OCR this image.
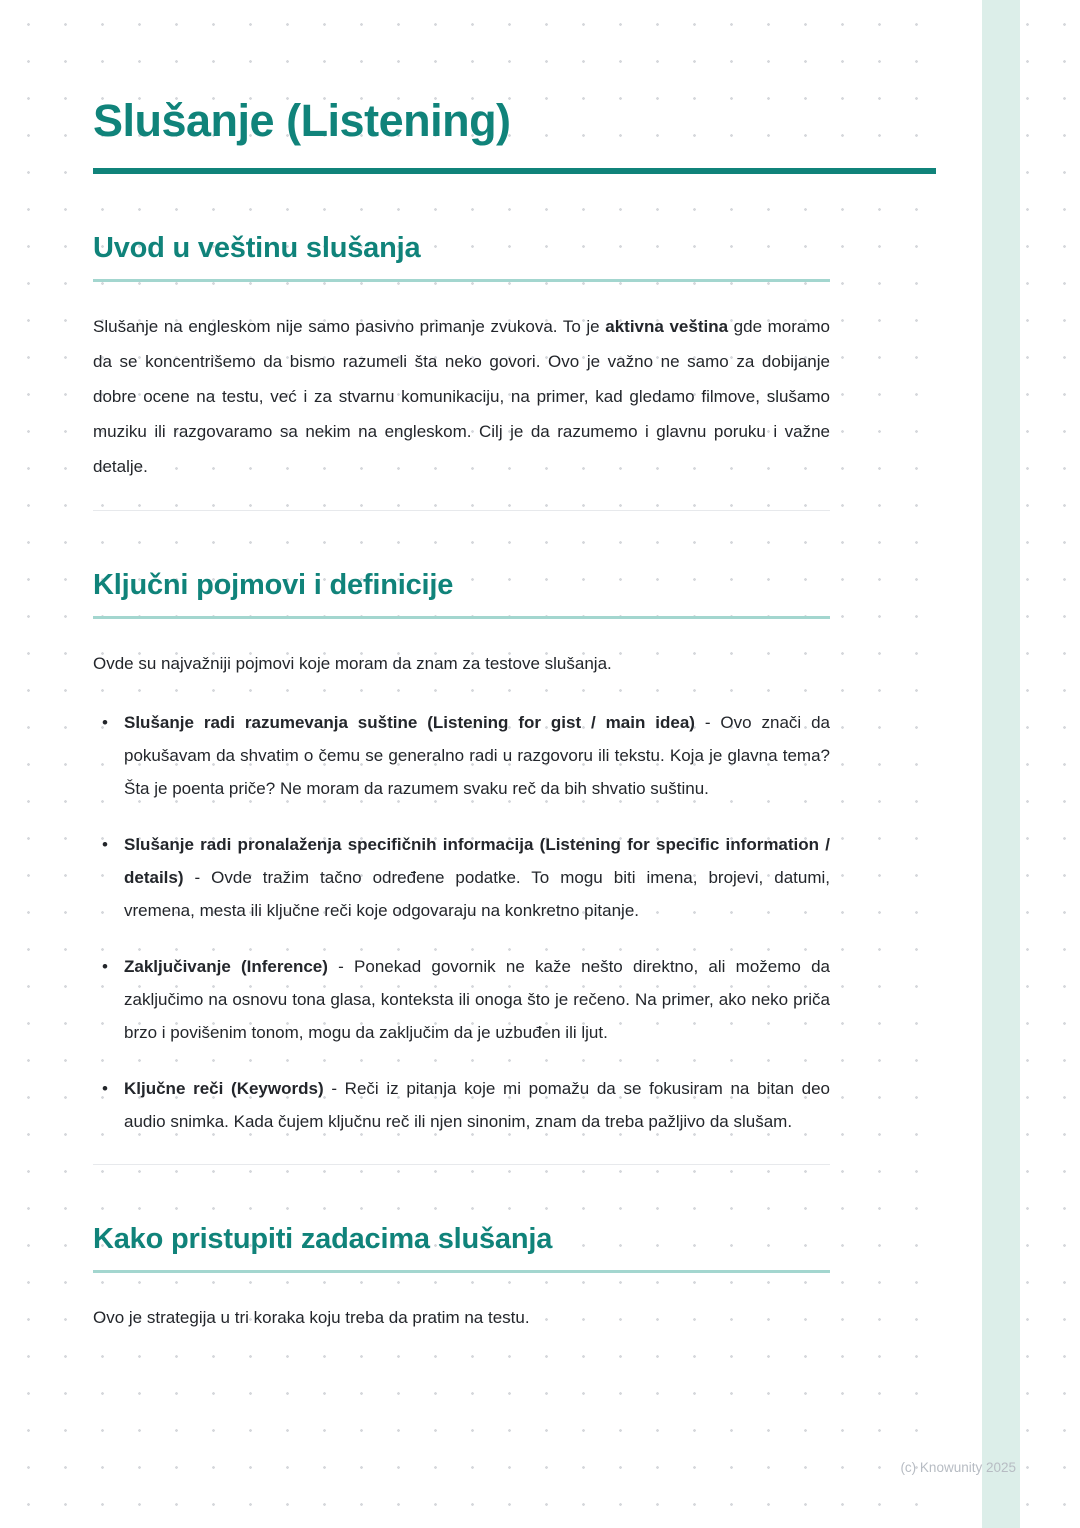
Slušanje (Listening)
Uvod u veštinu slušanja

Slušanje na engleskom nije samo pasivno primanje zvukova. To je aktivna veština gde moramo da se koncentrišemo da bismo razumeli šta neko govori. Ovo je važno ne samo za dobijanje dobre ocene na testu, već i za stvarnu komunikaciju, na primer, kad gledamo filmove, slušamo muziku ili razgovaramo sa nekim na engleskom. Cilj je da razumemo i glavnu poruku i važne detalje.

Ključni pojmovi i definicije

Ovde su najvažniji pojmovi koje moram da znam za testove slušanja.

• Slušanje radi razumevanja suštine (Listening for gist / main idea) - Ovo znači da pokušavam da shvatim o čemu se generalno radi u razgovoru ili tekstu. Koja je glavna tema? Šta je poenta priče? Ne moram da razumem svaku reč da bih shvatio suštinu.
• Slušanje radi pronalaženja specifičnih informacija (Listening for specific information / details) - Ovde tražim tačno određene podatke. To mogu biti imena, brojevi, datumi, vremena, mesta ili ključne reči koje odgovaraju na konkretno pitanje.
• Zaključivanje (Inference) - Ponekad govornik ne kaže nešto direktno, ali možemo da zaključimo na osnovu tona glasa, konteksta ili onoga što je rečeno. Na primer, ako neko priča brzo i povišenim tonom, mogu da zaključim da je uzbuđen ili ljut.
• Ključne reči (Keywords) - Reči iz pitanja koje mi pomažu da se fokusiram na bitan deo audio snimka. Kada čujem ključnu reč ili njen sinonim, znam da treba pažljivo da slušam.
Kako pristupiti zadacima slušanja

Ovo je strategija u tri koraka koju treba da pratim na testu.

(c) Knowunity 2025
